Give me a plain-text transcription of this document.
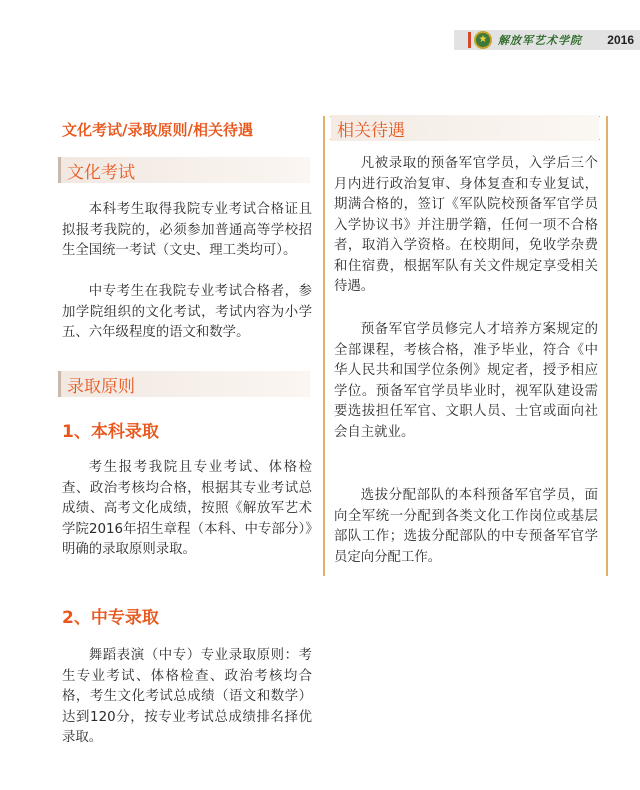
★ 解放军艺术学院 2016
文化考试/录取原则/相关待遇
文化考试
本科考生取得我院专业考试合格证且拟报考我院的，必须参加普通高等学校招生全国统一考试（文史、理工类均可）。
中专考生在我院专业考试合格者，参加学院组织的文化考试，考试内容为小学五、六年级程度的语文和数学。
录取原则
1、本科录取
考生报考我院且专业考试、体格检查、政治考核均合格，根据其专业考试总成绩、高考文化成绩，按照《解放军艺术学院2016年招生章程（本科、中专部分）》明确的录取原则录取。
2、中专录取
舞蹈表演（中专）专业录取原则：考生专业考试、体格检查、政治考核均合格，考生文化考试总成绩（语文和数学）达到120分，按专业考试总成绩排名择优录取。
相关待遇
凡被录取的预备军官学员，入学后三个月内进行政治复审、身体复查和专业复试，期满合格的，签订《军队院校预备军官学员入学协议书》并注册学籍，任何一项不合格者，取消入学资格。在校期间，免收学杂费和住宿费，根据军队有关文件规定享受相关待遇。
预备军官学员修完人才培养方案规定的全部课程，考核合格，准予毕业，符合《中华人民共和国学位条例》规定者，授予相应学位。预备军官学员毕业时，视军队建设需要选拔担任军官、文职人员、士官或面向社会自主就业。
选拔分配部队的本科预备军官学员，面向全军统一分配到各类文化工作岗位或基层部队工作；选拔分配部队的中专预备军官学员定向分配工作。
